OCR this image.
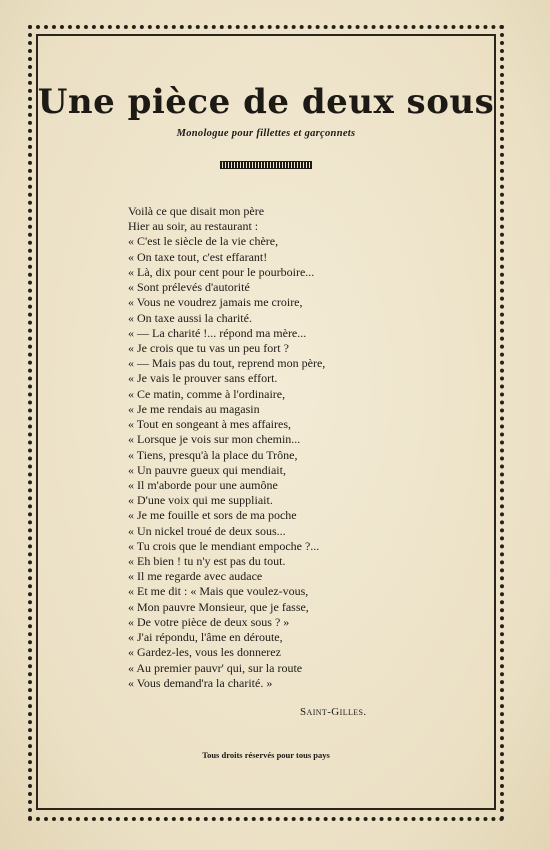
Une pièce de deux sous

Monologue pour fillettes et garçonnets

Voilà ce que disait mon père
Hier au soir, au restaurant :
« C'est le siècle de la vie chère,
« On taxe tout, c'est effarant!
« Là, dix pour cent pour le pourboire...
« Sont prélevés d'autorité
« Vous ne voudrez jamais me croire,
« On taxe aussi la charité.
« — La charité !... répond ma mère...
« Je crois que tu vas un peu fort ?
« — Mais pas du tout, reprend mon père,
« Je vais le prouver sans effort.
« Ce matin, comme à l'ordinaire,
« Je me rendais au magasin
« Tout en songeant à mes affaires,
« Lorsque je vois sur mon chemin...
« Tiens, presqu'à la place du Trône,
« Un pauvre gueux qui mendiait,
« Il m'aborde pour une aumône
« D'une voix qui me suppliait.
« Je me fouille et sors de ma poche
« Un nickel troué de deux sous...
« Tu crois que le mendiant empoche ?...
« Eh bien ! tu n'y est pas du tout.
« Il me regarde avec audace
« Et me dit : « Mais que voulez-vous,
« Mon pauvre Monsieur, que je fasse,
« De votre pièce de deux sous ? »
« J'ai répondu, l'âme en déroute,
« Gardez-les, vous les donnerez
« Au premier pauvr' qui, sur la route
« Vous demand'ra la charité. »
Saint-Gilles.
Tous droits réservés pour tous pays
